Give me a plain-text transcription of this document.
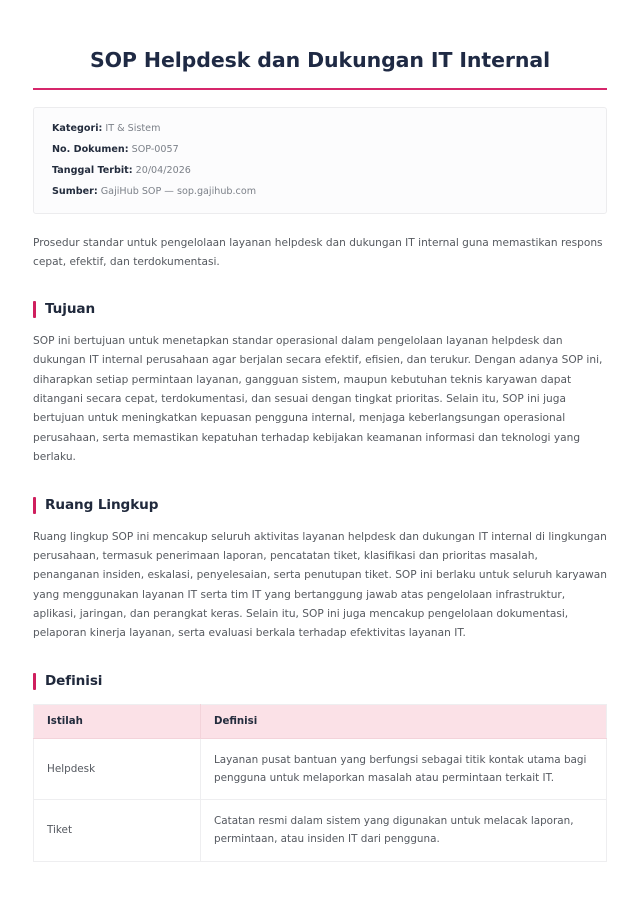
SOP Helpdesk dan Dukungan IT Internal

Kategori: IT & Sistem

No. Dokumen: SOP-0057

Tanggal Terbit: 20/04/2026

Sumber: GajiHub SOP — sop.gajihub.com

Prosedur standar untuk pengelolaan layanan helpdesk dan dukungan IT internal guna memastikan respons cepat, efektif, dan terdokumentasi.

Tujuan

SOP ini bertujuan untuk menetapkan standar operasional dalam pengelolaan layanan helpdesk dan dukungan IT internal perusahaan agar berjalan secara efektif, efisien, dan terukur. Dengan adanya SOP ini, diharapkan setiap permintaan layanan, gangguan sistem, maupun kebutuhan teknis karyawan dapat ditangani secara cepat, terdokumentasi, dan sesuai dengan tingkat prioritas. Selain itu, SOP ini juga bertujuan untuk meningkatkan kepuasan pengguna internal, menjaga keberlangsungan operasional perusahaan, serta memastikan kepatuhan terhadap kebijakan keamanan informasi dan teknologi yang berlaku.

Ruang Lingkup

Ruang lingkup SOP ini mencakup seluruh aktivitas layanan helpdesk dan dukungan IT internal di lingkungan perusahaan, termasuk penerimaan laporan, pencatatan tiket, klasifikasi dan prioritas masalah, penanganan insiden, eskalasi, penyelesaian, serta penutupan tiket. SOP ini berlaku untuk seluruh karyawan yang menggunakan layanan IT serta tim IT yang bertanggung jawab atas pengelolaan infrastruktur, aplikasi, jaringan, dan perangkat keras. Selain itu, SOP ini juga mencakup pengelolaan dokumentasi, pelaporan kinerja layanan, serta evaluasi berkala terhadap efektivitas layanan IT.

Definisi
Istilah	Definisi
Helpdesk	Layanan pusat bantuan yang berfungsi sebagai titik kontak utama bagi pengguna untuk melaporkan masalah atau permintaan terkait IT.
Tiket	Catatan resmi dalam sistem yang digunakan untuk melacak laporan, permintaan, atau insiden IT dari pengguna.
